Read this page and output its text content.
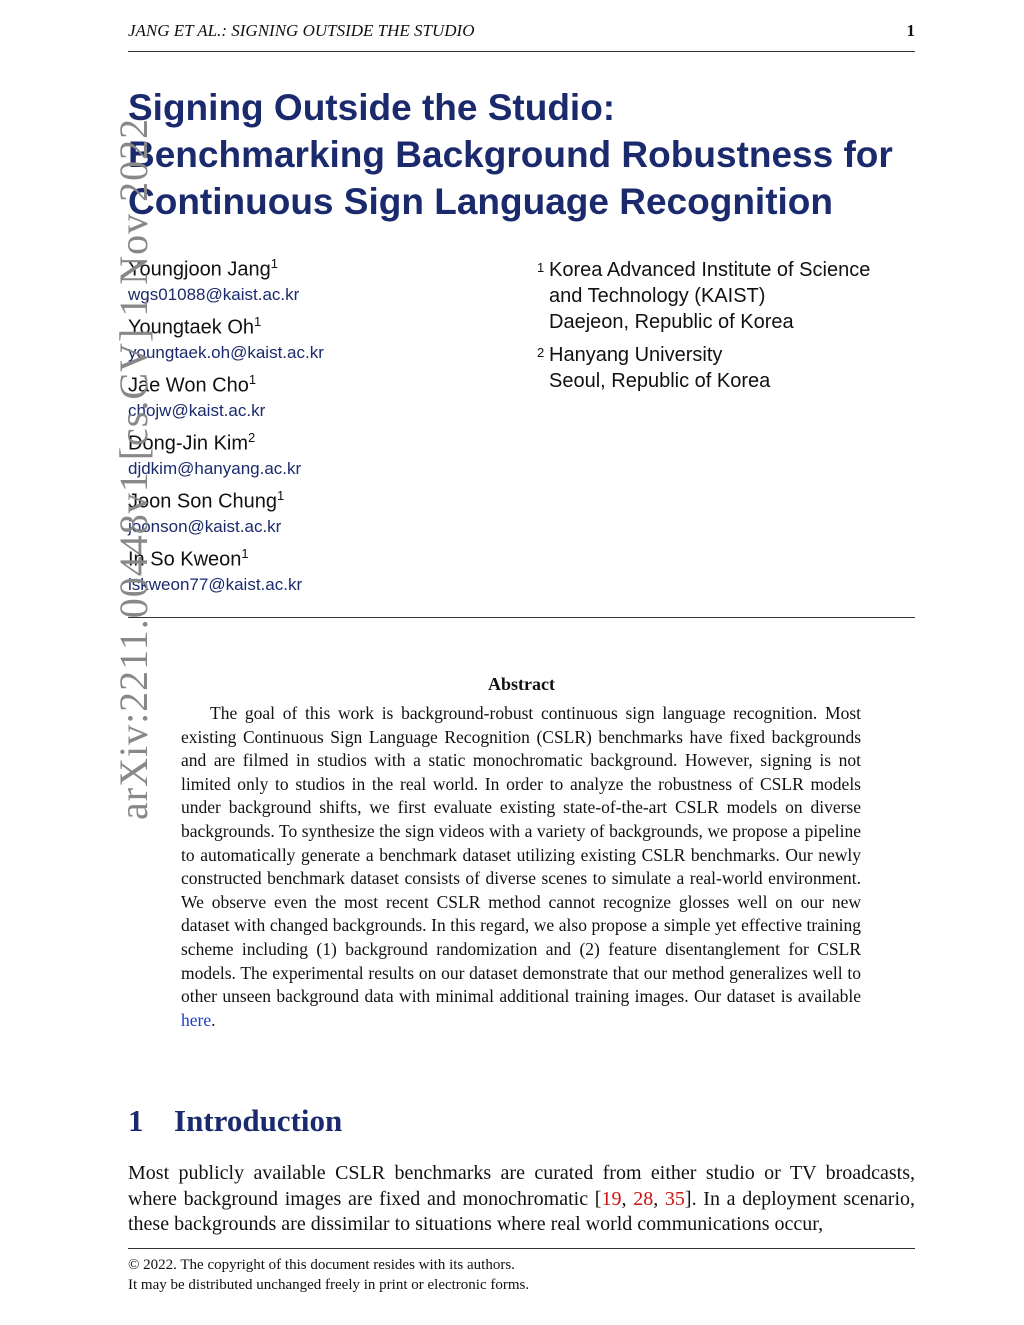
JANG ET AL.: SIGNING OUTSIDE THE STUDIO	1
Signing Outside the Studio:
Benchmarking Background Robustness for
Continuous Sign Language Recognition
Youngjoon Jang$^1$
wgs01088@kaist.ac.kr
Youngtaek Oh$^1$
youngtaek.oh@kaist.ac.kr
Jae Won Cho$^1$
chojw@kaist.ac.kr
Dong-Jin Kim$^2$
djdkim@hanyang.ac.kr
Joon Son Chung$^1$
joonson@kaist.ac.kr
In So Kweon$^1$
iskweon77@kaist.ac.kr
1 Korea Advanced Institute of Science
and Technology (KAIST)
Daejeon, Republic of Korea
2 Hanyang University
Seoul, Republic of Korea
Abstract
The goal of this work is background-robust continuous sign language recognition. Most existing Continuous Sign Language Recognition (CSLR) benchmarks have fixed backgrounds and are filmed in studios with a static monochromatic background. However, signing is not limited only to studios in the real world. In order to analyze the robustness of CSLR models under background shifts, we first evaluate existing state-of-the-art CSLR models on diverse backgrounds. To synthesize the sign videos with a variety of backgrounds, we propose a pipeline to automatically generate a benchmark dataset utilizing existing CSLR benchmarks. Our newly constructed benchmark dataset consists of diverse scenes to simulate a real-world environment. We observe even the most recent CSLR method cannot recognize glosses well on our new dataset with changed backgrounds. In this regard, we also propose a simple yet effective training scheme including (1) background randomization and (2) feature disentanglement for CSLR models. The experimental results on our dataset demonstrate that our method generalizes well to other unseen background data with minimal additional training images. Our dataset is available here.
1 Introduction
Most publicly available CSLR benchmarks are curated from either studio or TV broadcasts, where background images are fixed and monochromatic [19, 28, 35]. In a deployment scenario, these backgrounds are dissimilar to situations where real world communications occur,
© 2022. The copyright of this document resides with its authors.
It may be distributed unchanged freely in print or electronic forms.
arXiv:2211.00448v1 [cs.CV] 1 Nov 2022
